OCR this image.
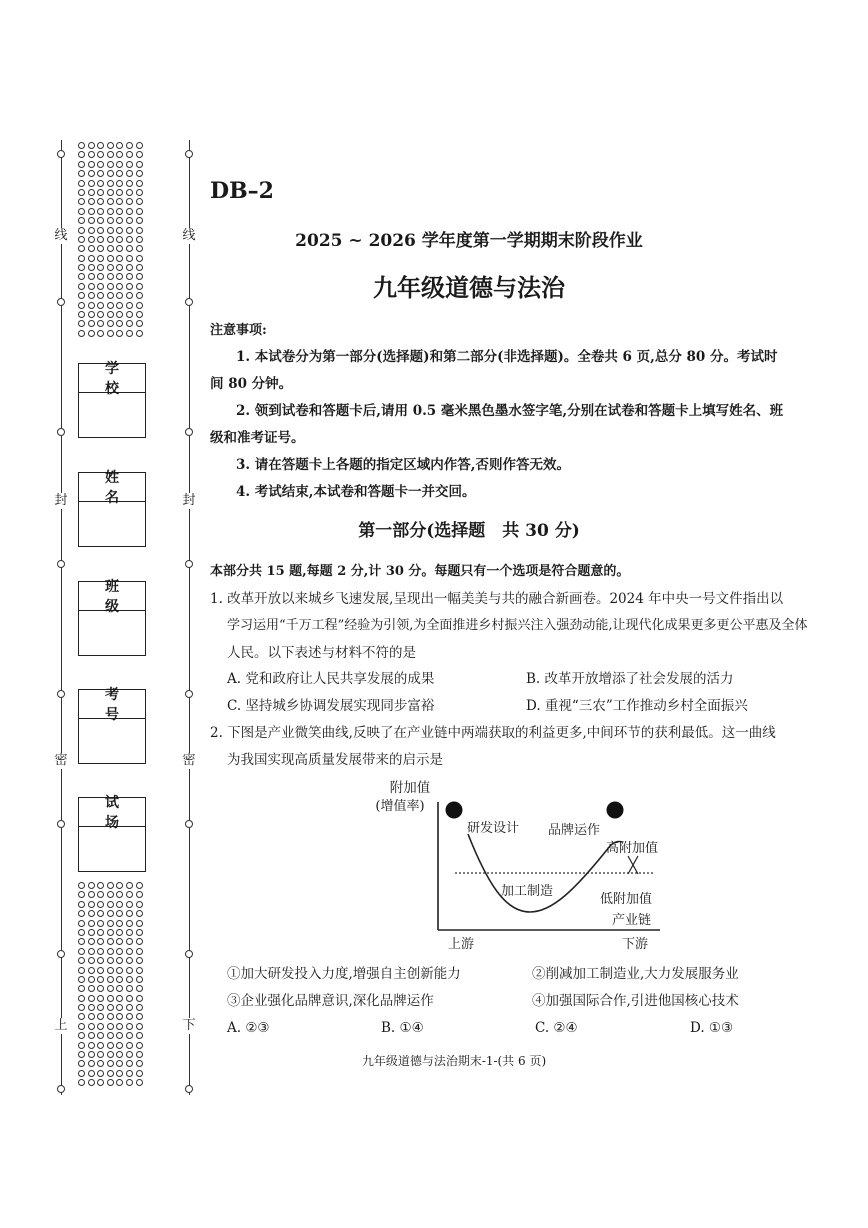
线
封
密
上
线
封
密
下
学校
姓名
班级
考号
试场
DB–2
2025 ~ 2026 学年度第一学期期末阶段作业
九年级道德与法治
注意事项:
1. 本试卷分为第一部分(选择题)和第二部分(非选择题)。全卷共 6 页,总分 80 分。考试时
间 80 分钟。
2. 领到试卷和答题卡后,请用 0.5 毫米黑色墨水签字笔,分别在试卷和答题卡上填写姓名、班
级和准考证号。
3. 请在答题卡上各题的指定区域内作答,否则作答无效。
4. 考试结束,本试卷和答题卡一并交回。
第一部分(选择题　共 30 分)
本部分共 15 题,每题 2 分,计 30 分。每题只有一个选项是符合题意的。
1. 改革开放以来城乡飞速发展,呈现出一幅美美与共的融合新画卷。2024 年中央一号文件指出以
学习运用“千万工程”经验为引领,为全面推进乡村振兴注入强劲动能,让现代化成果更多更公平惠及全体
人民。以下表述与材料不符的是
A. 党和政府让人民共享发展的成果	B. 改革开放增添了社会发展的活力
C. 坚持城乡协调发展实现同步富裕	D. 重视“三农”工作推动乡村全面振兴
2. 下图是产业微笑曲线,反映了在产业链中两端获取的利益更多,中间环节的获利最低。这一曲线
为我国实现高质量发展带来的启示是
附加值
(增值率)
研发设计 品牌运作
高附加值
加工制造
低附加值
产业链
上游	下游
①加大研发投入力度,增强自主创新能力	②削减加工制造业,大力发展服务业
③企业强化品牌意识,深化品牌运作	④加强国际合作,引进他国核心技术
A. ②③	B. ①④	C. ②④	D. ①③
九年级道德与法治期末-1-(共 6 页)
